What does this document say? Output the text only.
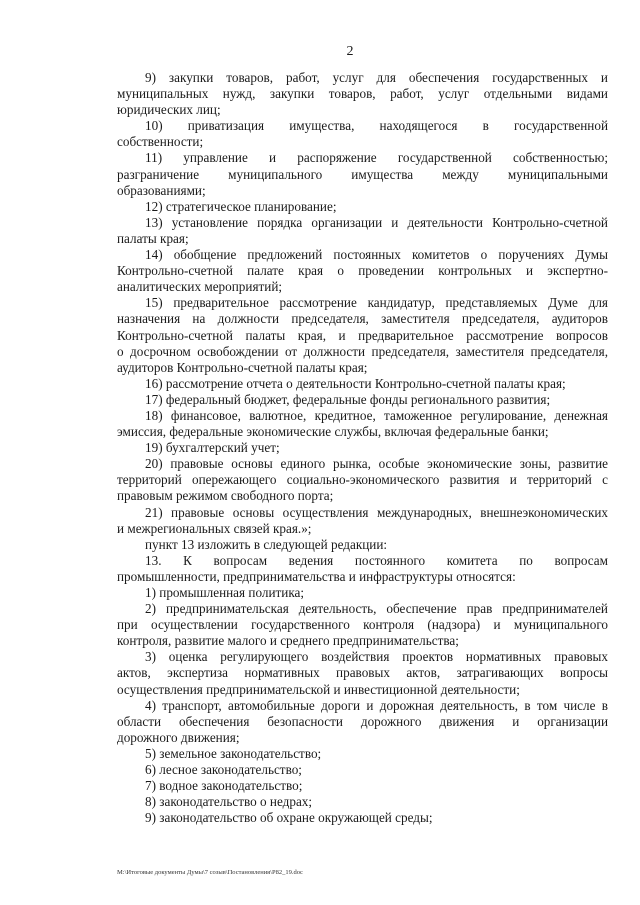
2
9) закупки товаров, работ, услуг для обеспечения государственных и
муниципальных нужд, закупки товаров, работ, услуг отдельными видами
юридических лиц;
10) приватизация имущества, находящегося в государственной
собственности;
11) управление и распоряжение государственной собственностью;
разграничение муниципального имущества между муниципальными
образованиями;
12) стратегическое планирование;
13) установление порядка организации и деятельности Контрольно-счетной
палаты края;
14) обобщение предложений постоянных комитетов о поручениях Думы
Контрольно-счетной палате края о проведении контрольных и экспертно-
аналитических мероприятий;
15) предварительное рассмотрение кандидатур, представляемых Думе для
назначения на должности председателя, заместителя председателя, аудиторов
Контрольно-счетной палаты края, и предварительное рассмотрение вопросов
о досрочном освобождении от должности председателя, заместителя председателя,
аудиторов Контрольно-счетной палаты края;
16) рассмотрение отчета о деятельности Контрольно-счетной палаты края;
17) федеральный бюджет, федеральные фонды регионального развития;
18) финансовое, валютное, кредитное, таможенное регулирование, денежная
эмиссия, федеральные экономические службы, включая федеральные банки;
19) бухгалтерский учет;
20) правовые основы единого рынка, особые экономические зоны, развитие
территорий опережающего социально-экономического развития и территорий с
правовым режимом свободного порта;
21) правовые основы осуществления международных, внешнеэкономических
и межрегиональных связей края.»;
пункт 13 изложить в следующей редакции:
13. К вопросам ведения постоянного комитета по вопросам
промышленности, предпринимательства и инфраструктуры относятся:
1) промышленная политика;
2) предпринимательская деятельность, обеспечение прав предпринимателей
при осуществлении государственного контроля (надзора) и муниципального
контроля, развитие малого и среднего предпринимательства;
3) оценка регулирующего воздействия проектов нормативных правовых
актов, экспертиза нормативных правовых актов, затрагивающих вопросы
осуществления предпринимательской и инвестиционной деятельности;
4) транспорт, автомобильные дороги и дорожная деятельность, в том числе в
области обеспечения безопасности дорожного движения и организации
дорожного движения;
5) земельное законодательство;
6) лесное законодательство;
7) водное законодательство;
8) законодательство о недрах;
9) законодательство об охране окружающей среды;
M:\Итоговые документы Думы\7 созыв\Постановления\Р82_19.doc
